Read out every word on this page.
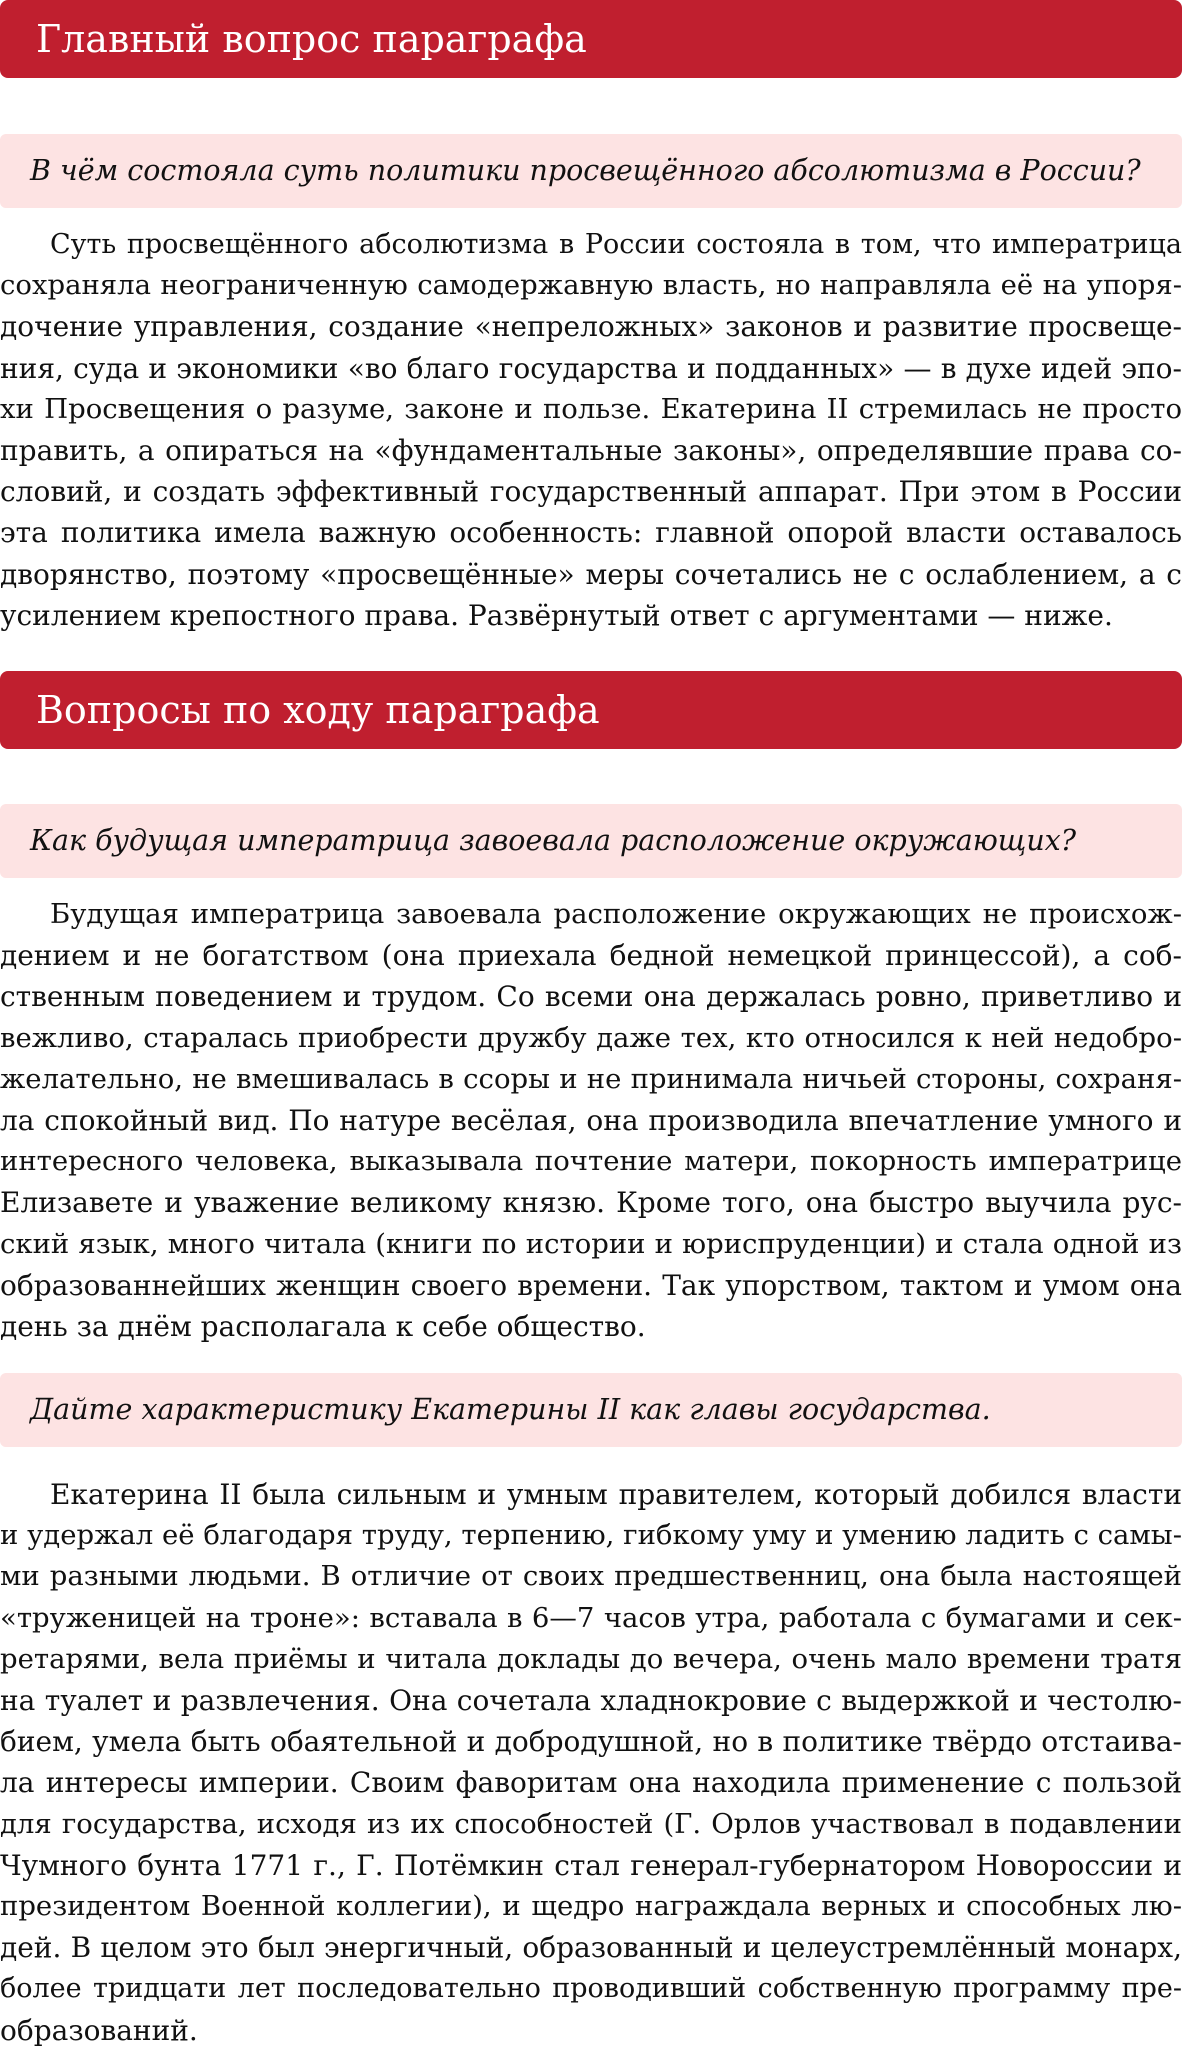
Главный вопрос параграфа
В чём состояла суть политики просвещённого абсолютизма в России?
Суть просвещённого абсолютизма в России состояла в том, что императрица
сохраняла неограниченную самодержавную власть, но направляла её на упоря-
дочение управления, создание «непреложных» законов и развитие просвеще-
ния, суда и экономики «во благо государства и подданных» — в духе идей эпо-
хи Просвещения о разуме, законе и пользе. Екатерина II стремилась не просто
править, а опираться на «фундаментальные законы», определявшие права со-
словий, и создать эффективный государственный аппарат. При этом в России
эта политика имела важную особенность: главной опорой власти оставалось
дворянство, поэтому «просвещённые» меры сочетались не с ослаблением, а с
усилением крепостного права. Развёрнутый ответ с аргументами — ниже.
Вопросы по ходу параграфа
Как будущая императрица завоевала расположение окружающих?
Будущая императрица завоевала расположение окружающих не происхож-
дением и не богатством (она приехала бедной немецкой принцессой), а соб-
ственным поведением и трудом. Со всеми она держалась ровно, приветливо и
вежливо, старалась приобрести дружбу даже тех, кто относился к ней недобро-
желательно, не вмешивалась в ссоры и не принимала ничьей стороны, сохраня-
ла спокойный вид. По натуре весёлая, она производила впечатление умного и
интересного человека, выказывала почтение матери, покорность императрице
Елизавете и уважение великому князю. Кроме того, она быстро выучила рус-
ский язык, много читала (книги по истории и юриспруденции) и стала одной из
образованнейших женщин своего времени. Так упорством, тактом и умом она
день за днём располагала к себе общество.
Дайте характеристику Екатерины II как главы государства.
Екатерина II была сильным и умным правителем, который добился власти
и удержал её благодаря труду, терпению, гибкому уму и умению ладить с самы-
ми разными людьми. В отличие от своих предшественниц, она была настоящей
«труженицей на троне»: вставала в 6—7 часов утра, работала с бумагами и сек-
ретарями, вела приёмы и читала доклады до вечера, очень мало времени тратя
на туалет и развлечения. Она сочетала хладнокровие с выдержкой и честолю-
бием, умела быть обаятельной и добродушной, но в политике твёрдо отстаива-
ла интересы империи. Своим фаворитам она находила применение с пользой
для государства, исходя из их способностей (Г. Орлов участвовал в подавлении
Чумного бунта 1771 г., Г. Потёмкин стал генерал-губернатором Новороссии и
президентом Военной коллегии), и щедро награждала верных и способных лю-
дей. В целом это был энергичный, образованный и целеустремлённый монарх,
более тридцати лет последовательно проводивший собственную программу пре-
образований.
